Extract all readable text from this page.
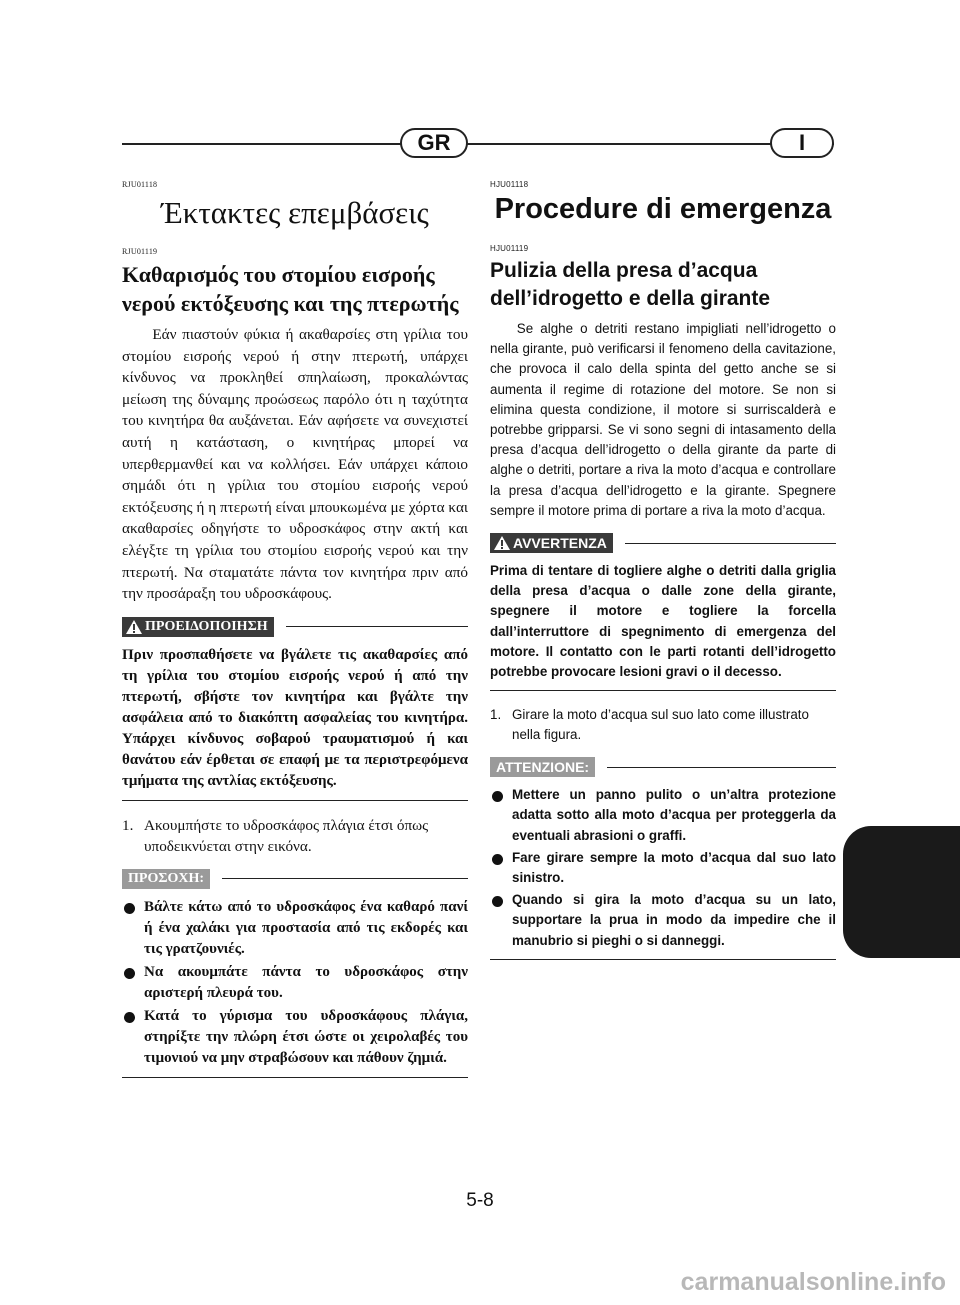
GR	I

RJU01118

Έκτακτες επεμβάσεις

RJU01119

Καθαρισμός του στομίου εισροής νερού εκτόξευσης και της πτερωτής

Εάν πιαστούν φύκια ή ακαθαρσίες στη γρίλια του στομίου εισροής νερού ή στην πτερωτή, υπάρχει κίνδυνος να προκληθεί σπηλαίωση, προκαλώντας μείωση της δύναμης προώσεως παρόλο ότι η ταχύτητα του κινητήρα θα αυξάνεται. Εάν αφήσετε να συνεχιστεί αυτή η κατάσταση, ο κινητήρας μπορεί να υπερθερμανθεί και να κολλήσει. Εάν υπάρχει κάποιο σημάδι ότι η γρίλια του στομίου εισροής νερού εκτόξευσης ή η πτερωτή είναι μπουκωμένα με χόρτα και ακαθαρσίες οδηγήστε το υδροσκάφος στην ακτή και ελέγξτε τη γρίλια του στομίου εισροής νερού και την πτερωτή. Να σταματάτε πάντα τον κινητήρα πριν από την προσάραξη του υδροσκάφους.

ΠΡΟΕΙΔΟΠΟΙΗΣΗ

Πριν προσπαθήσετε να βγάλετε τις ακαθαρσίες από τη γρίλια του στομίου εισροής νερού ή από την πτερωτή, σβήστε τον κινητήρα και βγάλτε την ασφάλεια από το διακόπτη ασφαλείας του κινητήρα. Υπάρχει κίνδυνος σοβαρού τραυματισμού ή και θανάτου εάν έρθεται σε επαφή με τα περιστρεφόμενα τμήματα της αντλίας εκτόξευσης.

1. Ακουμπήστε το υδροσκάφος πλάγια έτσι όπως υποδεικνύεται στην εικόνα.
ΠΡΟΣΟΧΗ:
Βάλτε κάτω από το υδροσκάφος ένα καθαρό πανί ή ένα χαλάκι για προστασία από τις εκδορές και τις γρατζουνιές.
Να ακουμπάτε πάντα το υδροσκάφος στην αριστερή πλευρά του.
Κατά το γύρισμα του υδροσκάφους πλάγια, στηρίξτε την πλώρη έτσι ώστε οι χειρολαβές του τιμονιού να μην στραβώσουν και πάθουν ζημιά.

HJU01118

Procedure di emergenza

HJU01119

Pulizia della presa d’acqua dell’idrogetto e della girante

Se alghe o detriti restano impigliati nell’idrogetto o nella girante, può verificarsi il fenomeno della cavitazione, che provoca il calo della spinta del getto anche se si aumenta il regime di rotazione del motore. Se non si elimina questa condizione, il motore si surriscalderà e potrebbe gripparsi. Se vi sono segni di intasamento della presa d’acqua dell’idrogetto o della girante da parte di alghe o detriti, portare a riva la moto d’acqua e controllare la presa d’acqua dell’idrogetto e la girante. Spegnere sempre il motore prima di portare a riva la moto d’acqua.

AVVERTENZA

Prima di tentare di togliere alghe o detriti dalla griglia della presa d’acqua o dalle zone della girante, spegnere il motore e togliere la forcella dall’interruttore di spegnimento di emergenza del motore. Il contatto con le parti rotanti dell’idrogetto potrebbe provocare lesioni gravi o il decesso.

1. Girare la moto d’acqua sul suo lato come illustrato nella figura.
ATTENZIONE:
Mettere un panno pulito o un’altra protezione adatta sotto alla moto d’acqua per proteggerla da eventuali abrasioni o graffi.
Fare girare sempre la moto d’acqua dal suo lato sinistro.
Quando si gira la moto d’acqua su un lato, supportare la prua in modo da impedire che il manubrio si pieghi o si danneggi.
5-8
carmanualsonline.info
